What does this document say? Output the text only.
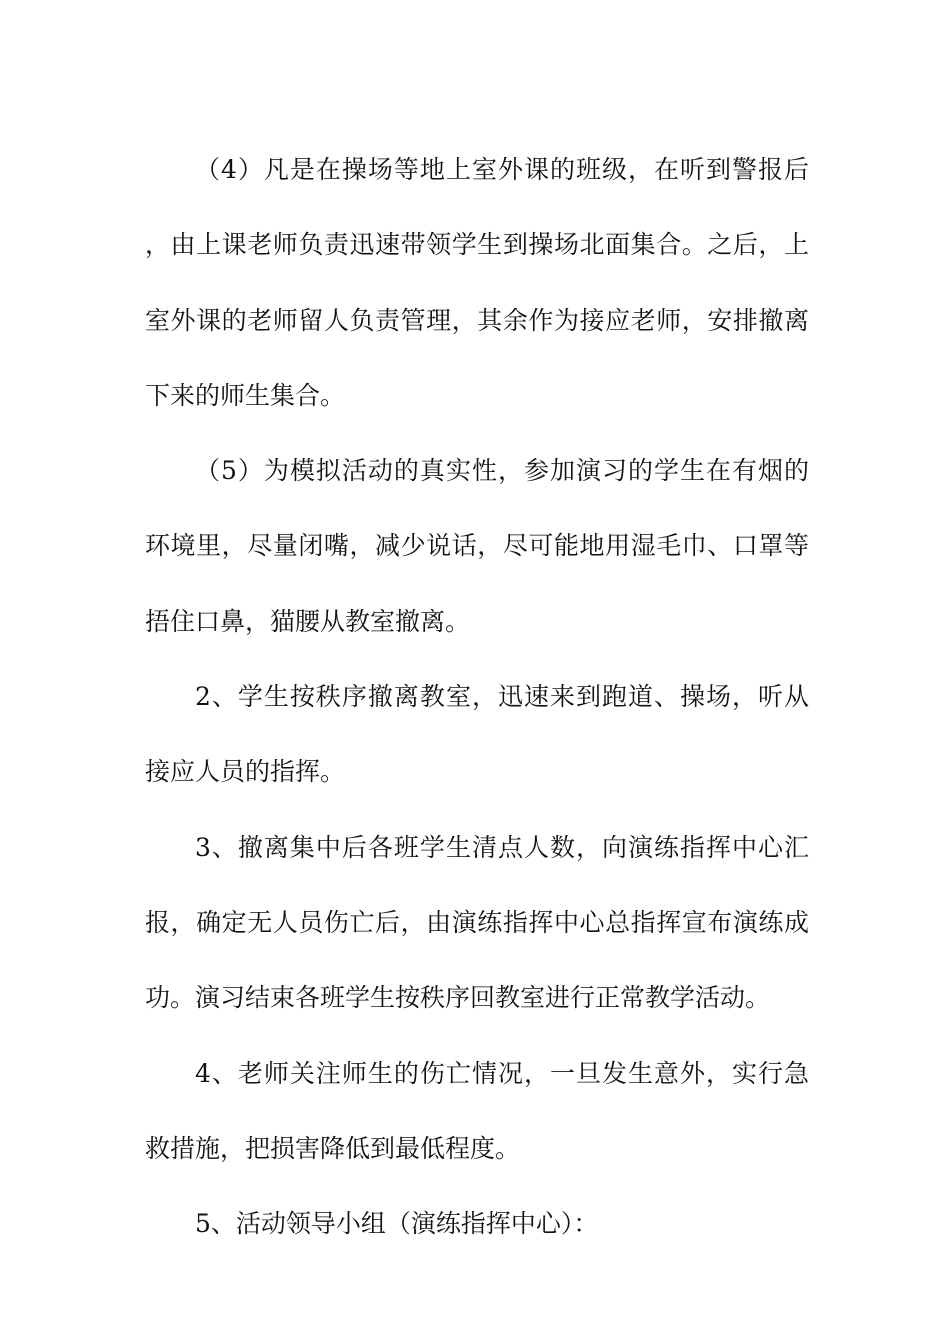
（4）凡是在操场等地上室外课的班级，在听到警报后，由上课老师负责迅速带领学生到操场北面集合。之后，上室外课的老师留人负责管理，其余作为接应老师，安排撤离下来的师生集合。

（5）为模拟活动的真实性，参加演习的学生在有烟的环境里，尽量闭嘴，减少说话，尽可能地用湿毛巾、口罩等捂住口鼻，猫腰从教室撤离。

2、学生按秩序撤离教室，迅速来到跑道、操场，听从接应人员的指挥。

3、撤离集中后各班学生清点人数，向演练指挥中心汇报，确定无人员伤亡后，由演练指挥中心总指挥宣布演练成功。演习结束各班学生按秩序回教室进行正常教学活动。

4、老师关注师生的伤亡情况，一旦发生意外，实行急救措施，把损害降低到最低程度。

5、活动领导小组（演练指挥中心）：
